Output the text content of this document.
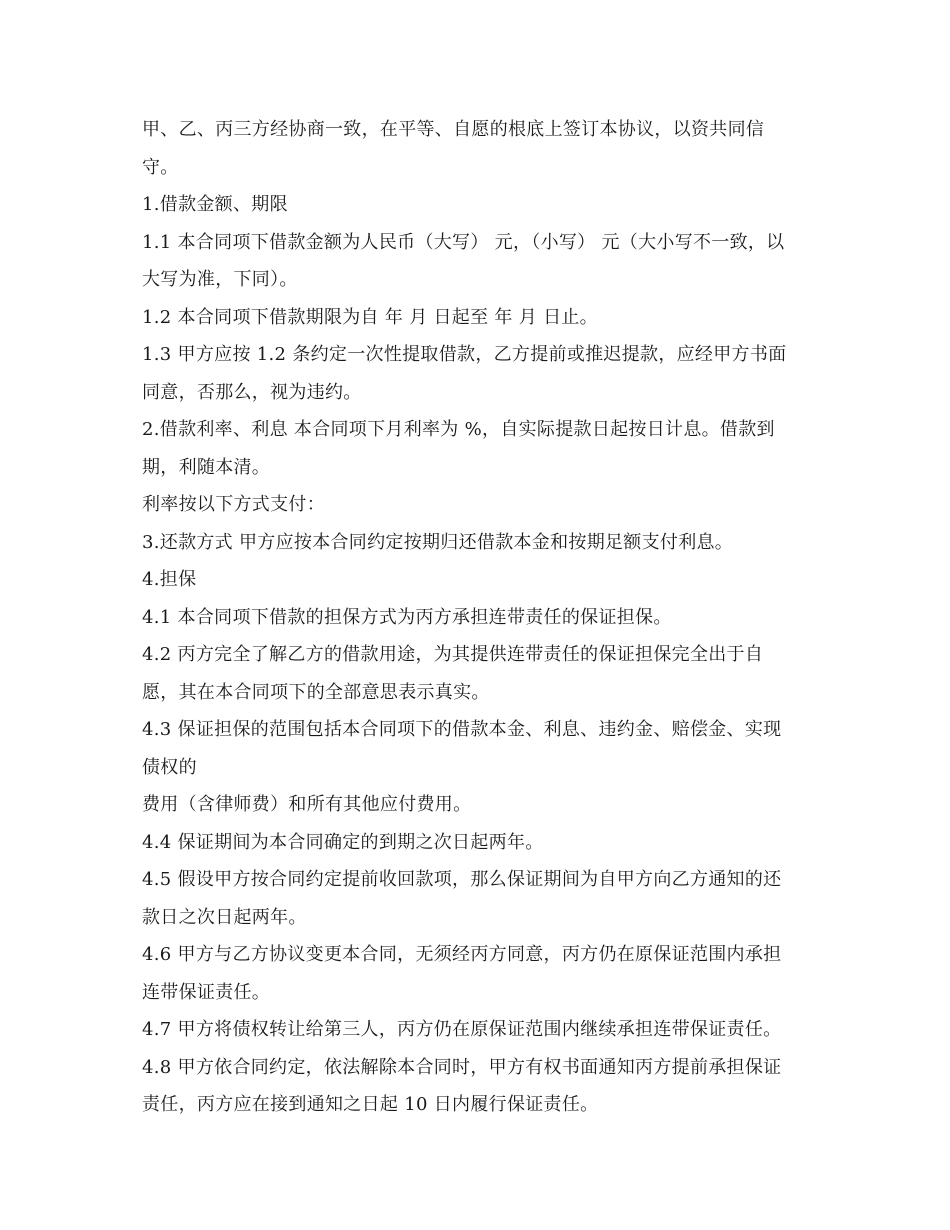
甲、乙、丙三方经协商一致，在平等、自愿的根底上签订本协议，以资共同信
守。
1.借款金额、期限
1.1 本合同项下借款金额为人民币（大写） 元，（小写） 元（大小写不一致，以
大写为准，下同）。
1.2 本合同项下借款期限为自 年 月 日起至 年 月 日止。
1.3 甲方应按 1.2 条约定一次性提取借款，乙方提前或推迟提款，应经甲方书面
同意，否那么，视为违约。
2.借款利率、利息 本合同项下月利率为 %，自实际提款日起按日计息。借款到
期，利随本清。
利率按以下方式支付：
3.还款方式 甲方应按本合同约定按期归还借款本金和按期足额支付利息。
4.担保
4.1 本合同项下借款的担保方式为丙方承担连带责任的保证担保。
4.2 丙方完全了解乙方的借款用途，为其提供连带责任的保证担保完全出于自
愿，其在本合同项下的全部意思表示真实。
4.3 保证担保的范围包括本合同项下的借款本金、利息、违约金、赔偿金、实现
债权的
费用（含律师费）和所有其他应付费用。
4.4 保证期间为本合同确定的到期之次日起两年。
4.5 假设甲方按合同约定提前收回款项，那么保证期间为自甲方向乙方通知的还
款日之次日起两年。
4.6 甲方与乙方协议变更本合同，无须经丙方同意，丙方仍在原保证范围内承担
连带保证责任。
4.7 甲方将债权转让给第三人，丙方仍在原保证范围内继续承担连带保证责任。
4.8 甲方依合同约定，依法解除本合同时，甲方有权书面通知丙方提前承担保证
责任，丙方应在接到通知之日起 10 日内履行保证责任。
